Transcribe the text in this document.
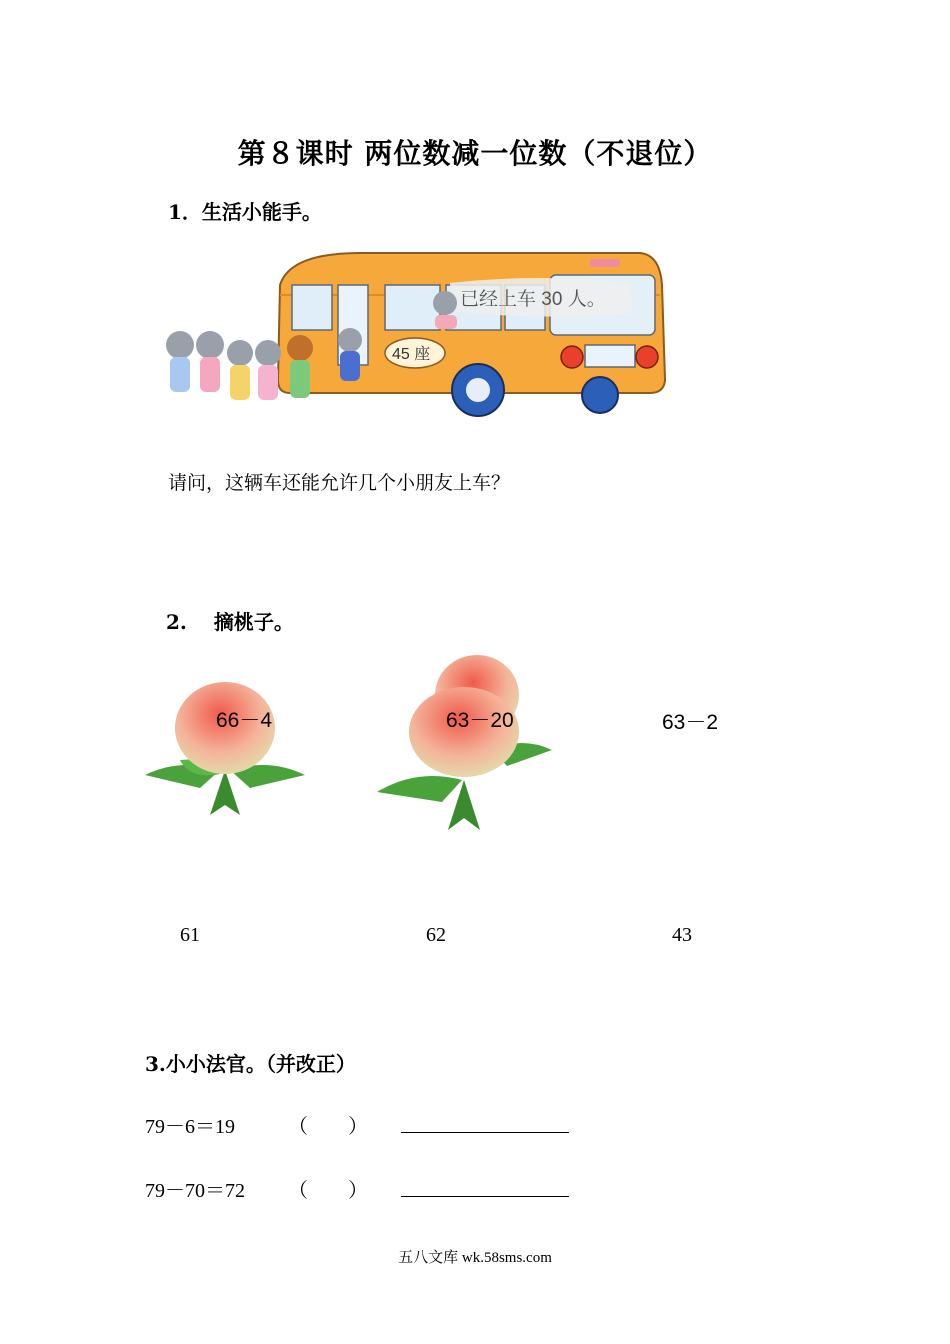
第８课时 两位数减一位数（不退位）
1．生活小能手。
已经上车 30 人。
45 座
请问，这辆车还能允许几个小朋友上车？
2.　 摘桃子。
66－4	63－20	63－2
61	62	43
3.小小法官。（并改正）
79－6＝19	（　　）
79－70＝72 （　　）
五八文库 wk.58sms.com
